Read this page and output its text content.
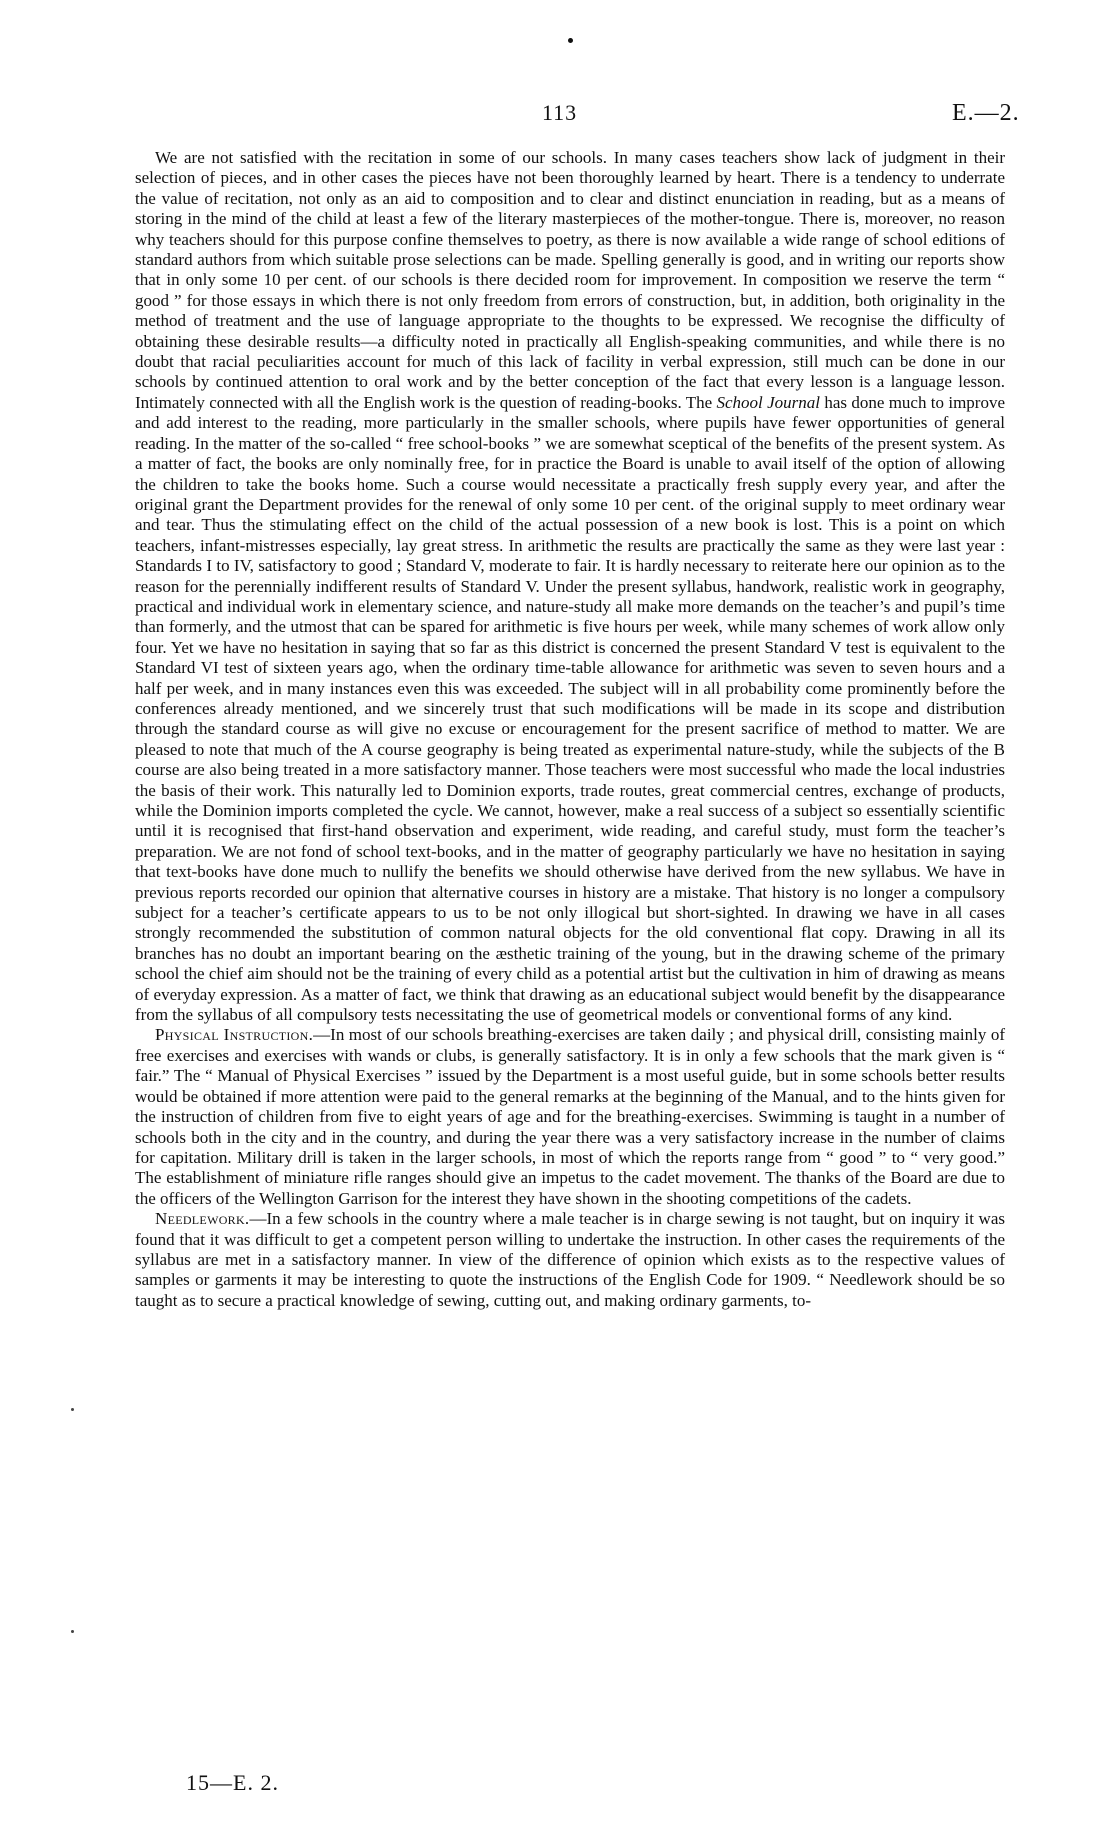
113	E.—2.

We are not satisfied with the recitation in some of our schools. In many cases teachers show lack of judgment in their selection of pieces, and in other cases the pieces have not been thoroughly learned by heart. There is a tendency to underrate the value of recitation, not only as an aid to composition and to clear and distinct enunciation in reading, but as a means of storing in the mind of the child at least a few of the literary masterpieces of the mother-tongue. There is, moreover, no reason why teachers should for this purpose confine themselves to poetry, as there is now available a wide range of school editions of standard authors from which suitable prose selections can be made. Spelling generally is good, and in writing our reports show that in only some 10 per cent. of our schools is there decided room for improvement. In composition we reserve the term “ good ” for those essays in which there is not only freedom from errors of construction, but, in addition, both originality in the method of treatment and the use of language appropriate to the thoughts to be expressed. We recognise the difficulty of obtaining these desirable results—a difficulty noted in practically all English-speaking communities, and while there is no doubt that racial peculiarities account for much of this lack of facility in verbal expression, still much can be done in our schools by continued attention to oral work and by the better conception of the fact that every lesson is a language lesson. Intimately connected with all the English work is the question of reading-books. The School Journal has done much to improve and add interest to the reading, more particularly in the smaller schools, where pupils have fewer opportunities of general reading. In the matter of the so-called “ free school-books ” we are somewhat sceptical of the benefits of the present system. As a matter of fact, the books are only nominally free, for in practice the Board is unable to avail itself of the option of allowing the children to take the books home. Such a course would necessitate a practically fresh supply every year, and after the original grant the Department provides for the renewal of only some 10 per cent. of the original supply to meet ordinary wear and tear. Thus the stimulating effect on the child of the actual possession of a new book is lost. This is a point on which teachers, infant-mistresses especially, lay great stress. In arithmetic the results are practically the same as they were last year : Standards I to IV, satisfactory to good ; Standard V, moderate to fair. It is hardly necessary to reiterate here our opinion as to the reason for the perennially indifferent results of Standard V. Under the present syllabus, handwork, realistic work in geography, practical and individual work in elementary science, and nature-study all make more demands on the teacher’s and pupil’s time than formerly, and the utmost that can be spared for arithmetic is five hours per week, while many schemes of work allow only four. Yet we have no hesitation in saying that so far as this district is concerned the present Standard V test is equivalent to the Standard VI test of sixteen years ago, when the ordinary time-table allowance for arithmetic was seven to seven hours and a half per week, and in many instances even this was exceeded. The subject will in all probability come prominently before the conferences already mentioned, and we sincerely trust that such modifications will be made in its scope and distribution through the standard course as will give no excuse or encouragement for the present sacrifice of method to matter. We are pleased to note that much of the A course geography is being treated as experimental nature-study, while the subjects of the B course are also being treated in a more satisfactory manner. Those teachers were most successful who made the local industries the basis of their work. This naturally led to Dominion exports, trade routes, great commercial centres, exchange of products, while the Dominion imports completed the cycle. We cannot, however, make a real success of a subject so essentially scientific until it is recognised that first-hand observation and experiment, wide reading, and careful study, must form the teacher’s preparation. We are not fond of school text-books, and in the matter of geography particularly we have no hesitation in saying that text-books have done much to nullify the benefits we should otherwise have derived from the new syllabus. We have in previous reports recorded our opinion that alternative courses in history are a mistake. That history is no longer a compulsory subject for a teacher’s certificate appears to us to be not only illogical but short-sighted. In drawing we have in all cases strongly recommended the substitution of common natural objects for the old conventional flat copy. Drawing in all its branches has no doubt an important bearing on the æsthetic training of the young, but in the drawing scheme of the primary school the chief aim should not be the training of every child as a potential artist but the cultivation in him of drawing as means of everyday expression. As a matter of fact, we think that drawing as an educational subject would benefit by the disappearance from the syllabus of all compulsory tests necessitating the use of geometrical models or conventional forms of any kind.

Physical Instruction.—In most of our schools breathing-exercises are taken daily ; and physical drill, consisting mainly of free exercises and exercises with wands or clubs, is generally satisfactory. It is in only a few schools that the mark given is “ fair.” The “ Manual of Physical Exercises ” issued by the Department is a most useful guide, but in some schools better results would be obtained if more attention were paid to the general remarks at the beginning of the Manual, and to the hints given for the instruction of children from five to eight years of age and for the breathing-exercises. Swimming is taught in a number of schools both in the city and in the country, and during the year there was a very satisfactory increase in the number of claims for capitation. Military drill is taken in the larger schools, in most of which the reports range from “ good ” to “ very good.” The establishment of miniature rifle ranges should give an impetus to the cadet movement. The thanks of the Board are due to the officers of the Wellington Garrison for the interest they have shown in the shooting competitions of the cadets.

Needlework.—In a few schools in the country where a male teacher is in charge sewing is not taught, but on inquiry it was found that it was difficult to get a competent person willing to undertake the instruction. In other cases the requirements of the syllabus are met in a satisfactory manner. In view of the difference of opinion which exists as to the respective values of samples or garments it may be interesting to quote the instructions of the English Code for 1909. “ Needlework should be so taught as to secure a practical knowledge of sewing, cutting out, and making ordinary garments, to-

15—E. 2.
